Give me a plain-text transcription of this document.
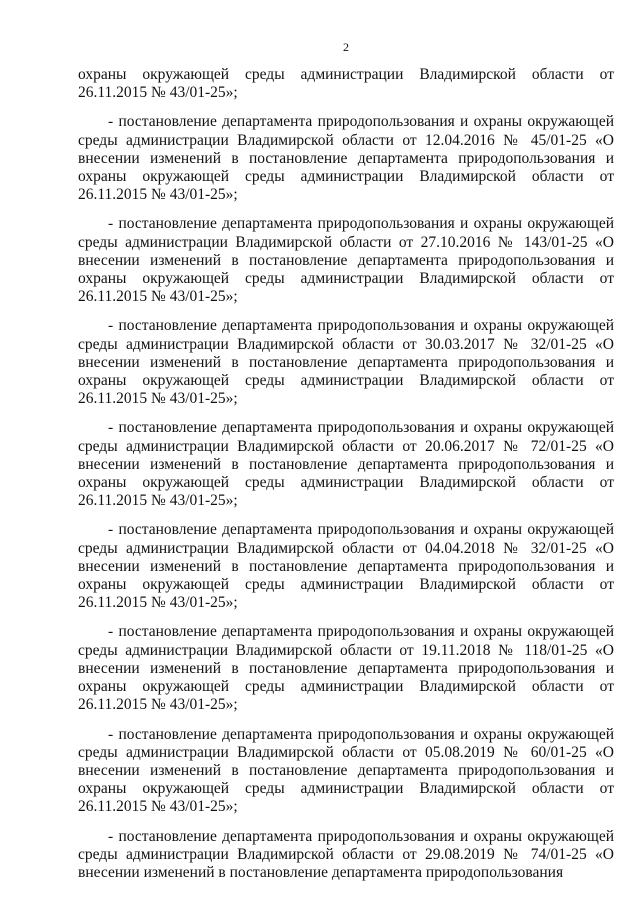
2

охраны окружающей среды администрации Владимирской области от 26.11.2015 № 43/01-25»;

- постановление департамента природопользования и охраны окружающей среды администрации Владимирской области от 12.04.2016 № 45/01-25 «О внесении изменений в постановление департамента природопользования и охраны окружающей среды администрации Владимирской области от 26.11.2015 № 43/01-25»;

- постановление департамента природопользования и охраны окружающей среды администрации Владимирской области от 27.10.2016 № 143/01-25 «О внесении изменений в постановление департамента природопользования и охраны окружающей среды администрации Владимирской области от 26.11.2015 № 43/01-25»;

- постановление департамента природопользования и охраны окружающей среды администрации Владимирской области от 30.03.2017 № 32/01-25 «О внесении изменений в постановление департамента природопользования и охраны окружающей среды администрации Владимирской области от 26.11.2015 № 43/01-25»;

- постановление департамента природопользования и охраны окружающей среды администрации Владимирской области от 20.06.2017 № 72/01-25 «О внесении изменений в постановление департамента природопользования и охраны окружающей среды администрации Владимирской области от 26.11.2015 № 43/01-25»;

- постановление департамента природопользования и охраны окружающей среды администрации Владимирской области от 04.04.2018 № 32/01-25 «О внесении изменений в постановление департамента природопользования и охраны окружающей среды администрации Владимирской области от 26.11.2015 № 43/01-25»;

- постановление департамента природопользования и охраны окружающей среды администрации Владимирской области от 19.11.2018 № 118/01-25 «О внесении изменений в постановление департамента природопользования и охраны окружающей среды администрации Владимирской области от 26.11.2015 № 43/01-25»;

- постановление департамента природопользования и охраны окружающей среды администрации Владимирской области от 05.08.2019 № 60/01-25 «О внесении изменений в постановление департамента природопользования и охраны окружающей среды администрации Владимирской области от 26.11.2015 № 43/01-25»;

- постановление департамента природопользования и охраны окружающей среды администрации Владимирской области от 29.08.2019 № 74/01-25 «О внесении изменений в постановление департамента природопользования
